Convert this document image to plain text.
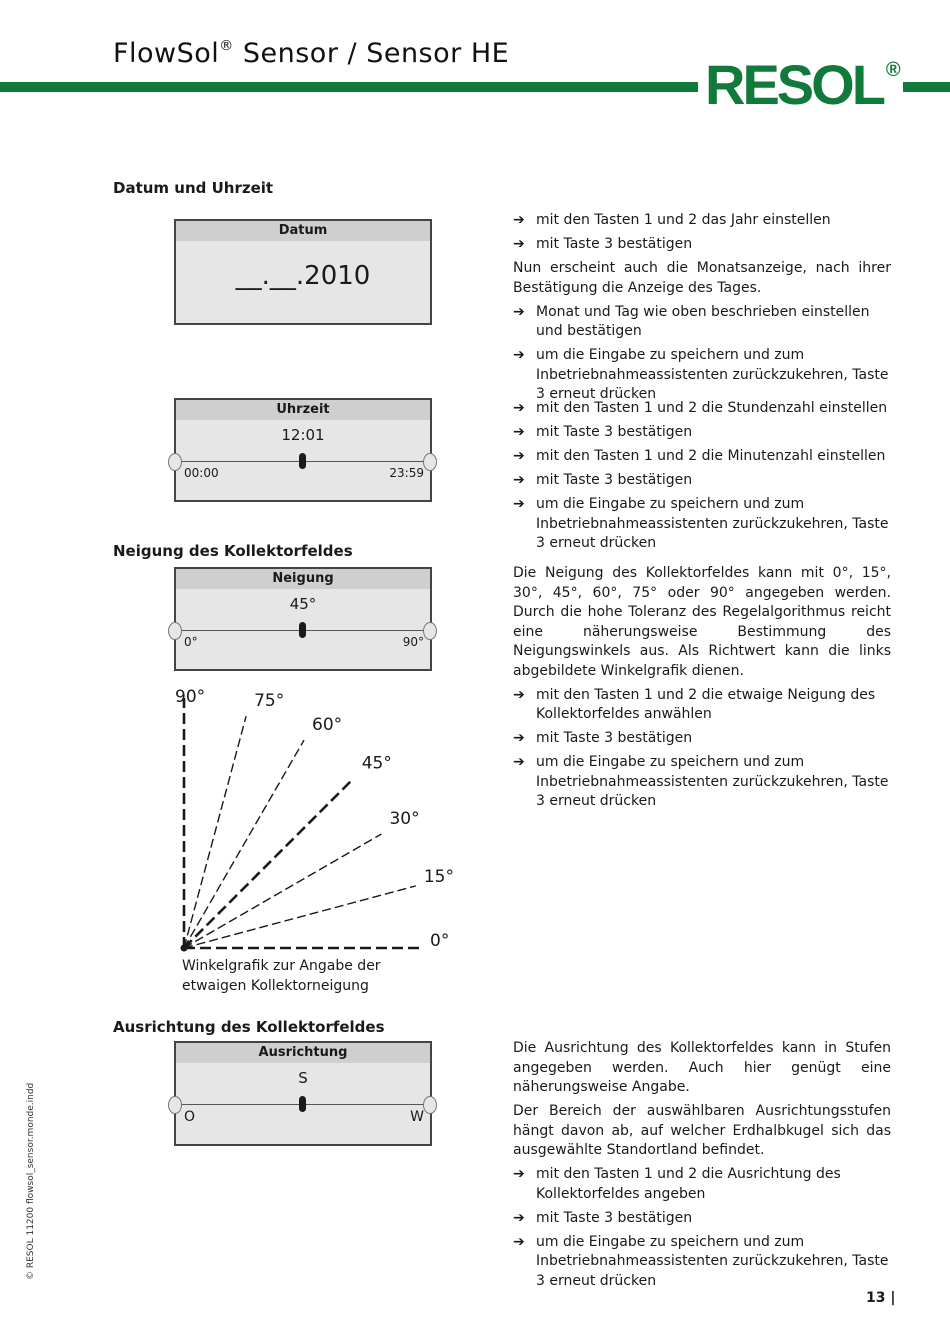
FlowSol® Sensor / Sensor HE	RESOL ®
Datum und Uhrzeit
Datum
__.__.2010
➔ mit den Tasten 1 und 2 das Jahr einstellen
➔ mit Taste 3 bestätigen
Nun erscheint auch die Monatsanzeige, nach ihrer Bestätigung die Anzeige des Tages.
➔ Monat und Tag wie oben beschrieben einstellen und bestätigen
➔ um die Eingabe zu speichern und zum Inbetriebnahmeassistenten zurückzukehren, Taste 3 erneut drücken
Uhrzeit
12:01
00:00	23:59
➔ mit den Tasten 1 und 2 die Stundenzahl einstellen
➔ mit Taste 3 bestätigen
➔ mit den Tasten 1 und 2 die Minutenzahl einstellen
➔ mit Taste 3 bestätigen
➔ um die Eingabe zu speichern und zum Inbetriebnahmeassistenten zurückzukehren, Taste 3 erneut drücken
Neigung des Kollektorfeldes
Neigung
45°
0°	90°
Die Neigung des Kollektorfeldes kann mit 0°, 15°, 30°, 45°, 60°, 75° oder 90° angegeben werden. Durch die hohe Toleranz des Regelalgorithmus reicht eine näherungsweise Bestimmung des Neigungswinkels aus. Als Richtwert kann die links abgebildete Winkelgrafik dienen.
➔ mit den Tasten 1 und 2 die etwaige Neigung des Kollektorfeldes anwählen
➔ mit Taste 3 bestätigen
➔ um die Eingabe zu speichern und zum Inbetriebnahmeassistenten zurückzukehren, Taste 3 erneut drücken
0°
15°
30°
45°
60°
75°
90°
Winkelgrafik zur Angabe der etwaigen Kollektorneigung
Ausrichtung des Kollektorfeldes
Ausrichtung
S
O	W
Die Ausrichtung des Kollektorfeldes kann in Stufen angegeben werden. Auch hier genügt eine näherungsweise Angabe.
Der Bereich der auswählbaren Ausrichtungsstufen hängt davon ab, auf welcher Erdhalbkugel sich das ausgewählte Standortland befindet.
➔ mit den Tasten 1 und 2 die Ausrichtung des Kollektorfeldes angeben
➔ mit Taste 3 bestätigen
➔ um die Eingabe zu speichern und zum Inbetriebnahmeassistenten zurückzukehren, Taste 3 erneut drücken
© RESOL 11200 flowsol_sensor.monde.indd
13 |
